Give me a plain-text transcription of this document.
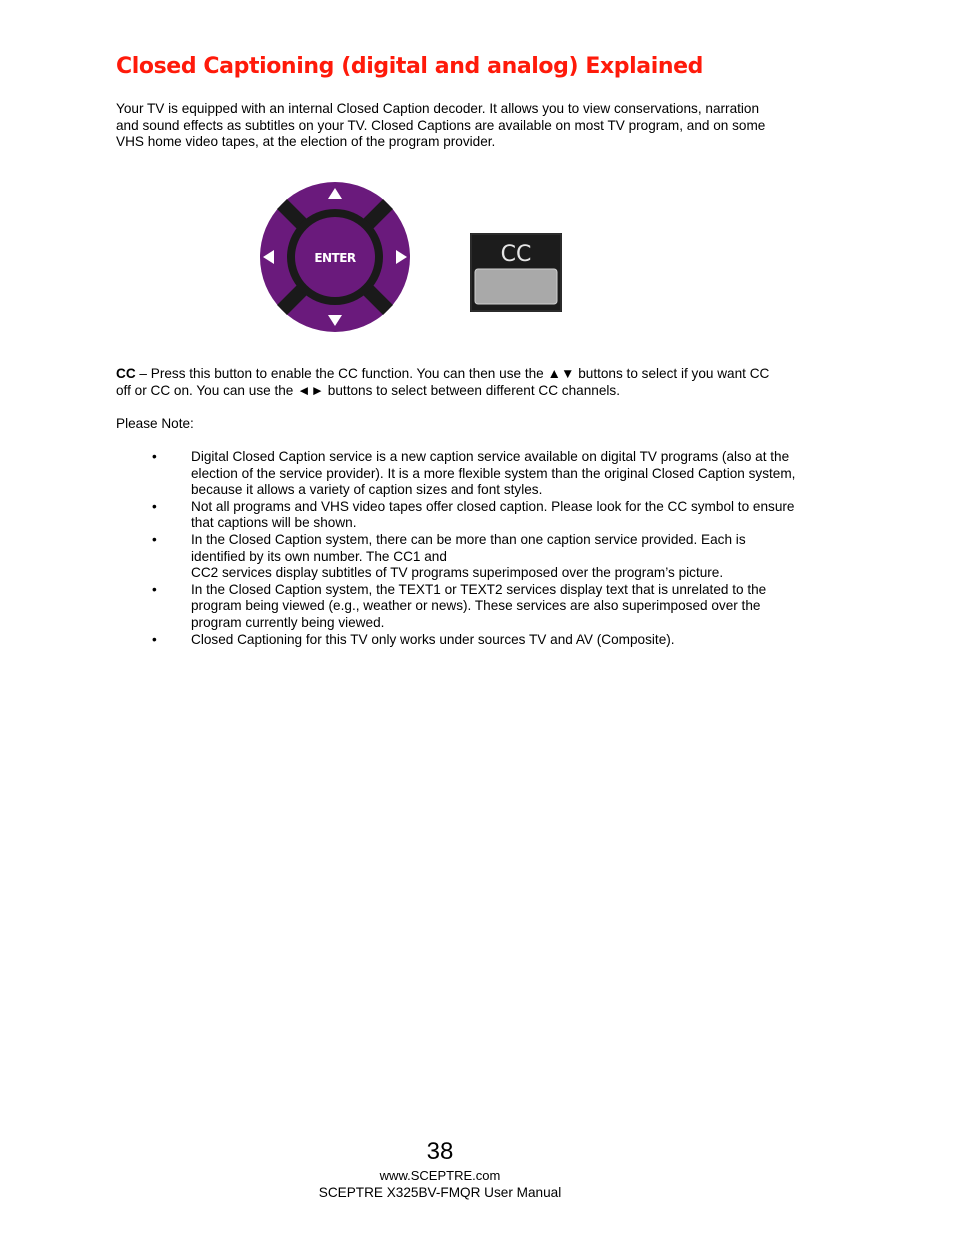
Closed Captioning (digital and analog) Explained

Your TV is equipped with an internal Closed Caption decoder. It allows you to view conservations, narration and sound effects as subtitles on your TV. Closed Captions are available on most TV program, and on some VHS home video tapes, at the election of the program provider.

ENTER	CC

CC – Press this button to enable the CC function. You can then use the ▲▼ buttons to select if you want CC off or CC on. You can use the ◄► buttons to select between different CC channels.

Please Note:

•	Digital Closed Caption service is a new caption service available on digital TV programs (also at the election of the service provider). It is a more flexible system than the original Closed Caption system, because it allows a variety of caption sizes and font styles.
•	Not all programs and VHS video tapes offer closed caption. Please look for the CC symbol to ensure that captions will be shown.
•	In the Closed Caption system, there can be more than one caption service provided. Each is identified by its own number. The CC1 and
CC2 services display subtitles of TV programs superimposed over the program’s picture.
•	In the Closed Caption system, the TEXT1 or TEXT2 services display text that is unrelated to the program being viewed (e.g., weather or news). These services are also superimposed over the program currently being viewed.
•	Closed Captioning for this TV only works under sources TV and AV (Composite).
38
www.SCEPTRE.com
SCEPTRE X325BV-FMQR User Manual
